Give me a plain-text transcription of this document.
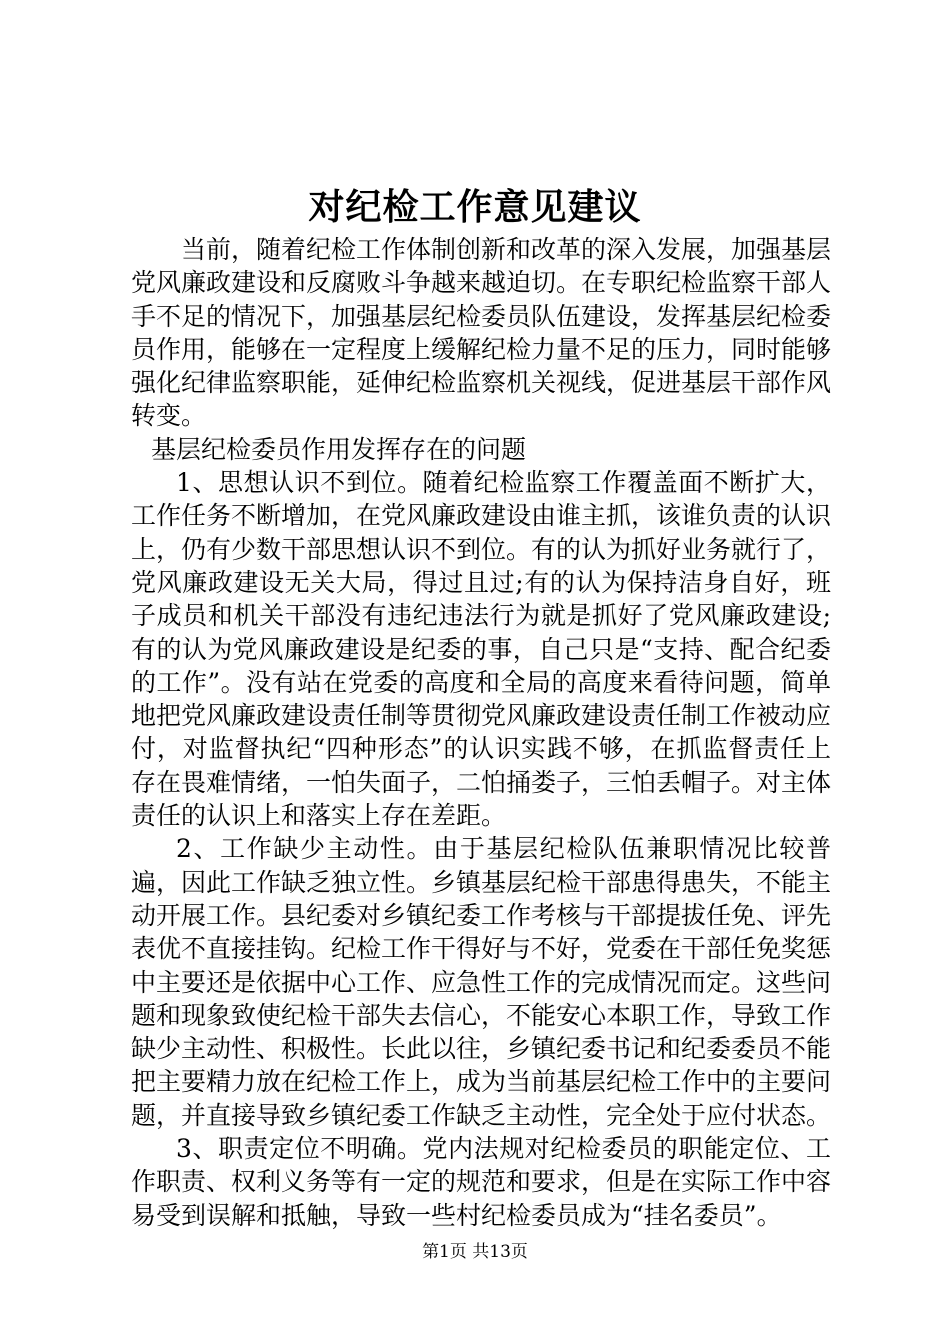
对纪检工作意见建议

当前，随着纪检工作体制创新和改革的深入发展，加强基层党风廉政建设和反腐败斗争越来越迫切。在专职纪检监察干部人手不足的情况下，加强基层纪检委员队伍建设，发挥基层纪检委员作用，能够在一定程度上缓解纪检力量不足的压力，同时能够强化纪律监察职能，延伸纪检监察机关视线，促进基层干部作风转变。

基层纪检委员作用发挥存在的问题

1、思想认识不到位。随着纪检监察工作覆盖面不断扩大，工作任务不断增加，在党风廉政建设由谁主抓，该谁负责的认识上，仍有少数干部思想认识不到位。有的认为抓好业务就行了，党风廉政建设无关大局，得过且过;有的认为保持洁身自好，班子成员和机关干部没有违纪违法行为就是抓好了党风廉政建设;有的认为党风廉政建设是纪委的事，自己只是“支持、配合纪委的工作”。没有站在党委的高度和全局的高度来看待问题，简单地把党风廉政建设责任制等贯彻党风廉政建设责任制工作被动应付，对监督执纪“四种形态”的认识实践不够，在抓监督责任上存在畏难情绪，一怕失面子，二怕捅娄子，三怕丢帽子。对主体责任的认识上和落实上存在差距。

2、工作缺少主动性。由于基层纪检队伍兼职情况比较普遍，因此工作缺乏独立性。乡镇基层纪检干部患得患失，不能主动开展工作。县纪委对乡镇纪委工作考核与干部提拔任免、评先表优不直接挂钩。纪检工作干得好与不好，党委在干部任免奖惩中主要还是依据中心工作、应急性工作的完成情况而定。这些问题和现象致使纪检干部失去信心，不能安心本职工作，导致工作缺少主动性、积极性。长此以往，乡镇纪委书记和纪委委员不能把主要精力放在纪检工作上，成为当前基层纪检工作中的主要问题，并直接导致乡镇纪委工作缺乏主动性，完全处于应付状态。

3、职责定位不明确。党内法规对纪检委员的职能定位、工作职责、权利义务等有一定的规范和要求，但是在实际工作中容易受到误解和抵触，导致一些村纪检委员成为“挂名委员”。

第1页 共13页
